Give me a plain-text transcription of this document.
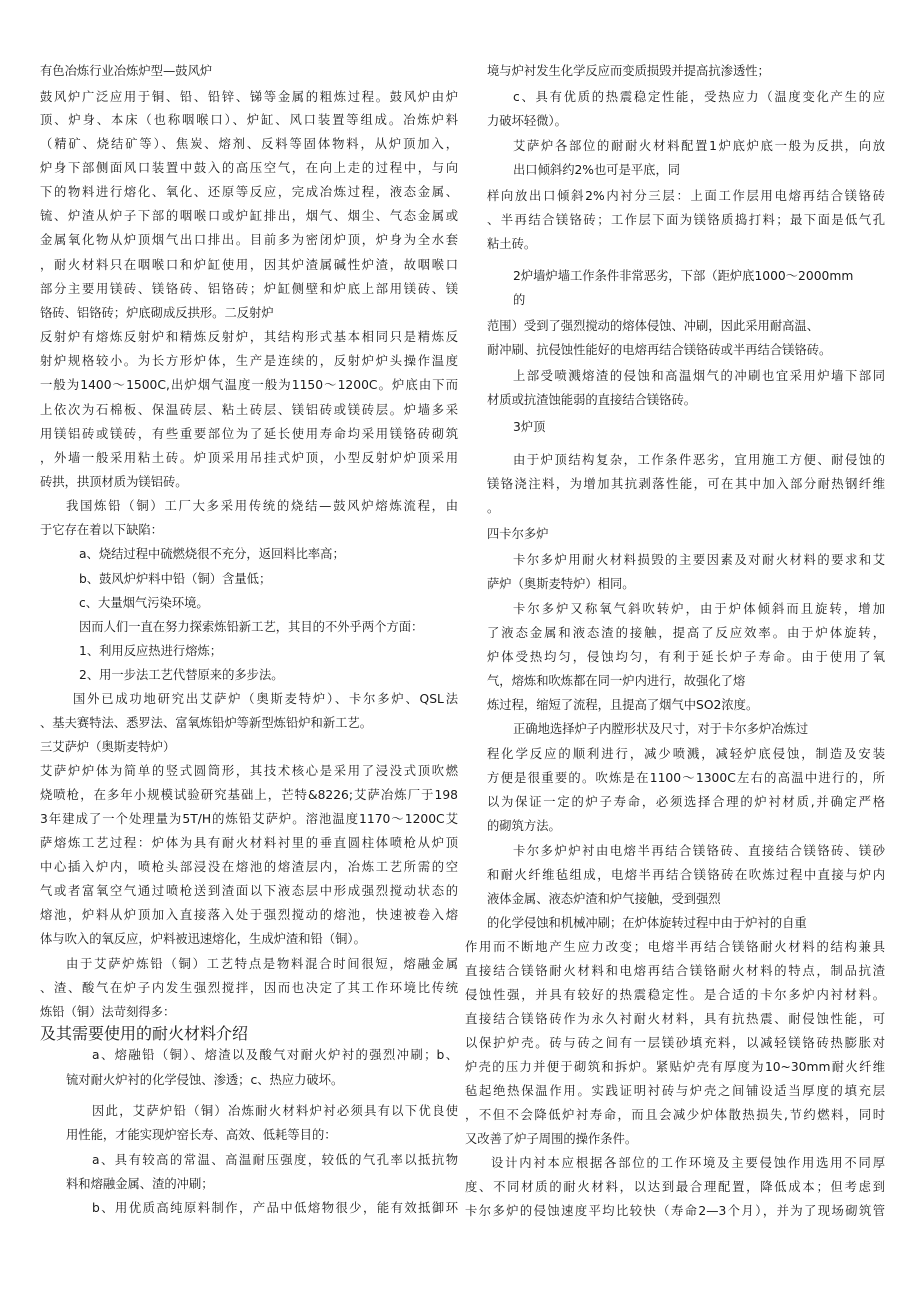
有色冶炼行业冶炼炉型—鼓风炉
鼓风炉广泛应用于铜、铅、铅锌、锑等金属的粗炼过程。鼓风炉由炉
顶、炉身、本床（也称咽喉口）、炉缸、风口装置等组成。冶炼炉料
（精矿、烧结矿等）、焦炭、熔剂、反料等固体物料，从炉顶加入，
炉身下部侧面风口装置中鼓入的高压空气，在向上走的过程中，与向
下的物料进行熔化、氧化、还原等反应，完成冶炼过程，液态金属、
锍、炉渣从炉子下部的咽喉口或炉缸排出，烟气、烟尘、气态金属或
金属氧化物从炉顶烟气出口排出。目前多为密闭炉顶，炉身为全水套
，耐火材料只在咽喉口和炉缸使用，因其炉渣属碱性炉渣，故咽喉口
部分主要用镁砖、镁铬砖、铝铬砖；炉缸侧壁和炉底上部用镁砖、镁
铬砖、铝铬砖；炉底砌成反拱形。二反射炉
反射炉有熔炼反射炉和精炼反射炉，其结构形式基本相同只是精炼反
射炉规格较小。为长方形炉体，生产是连续的，反射炉炉头操作温度
一般为1400〜1500C,出炉烟气温度一般为1150〜1200C。炉底由下而
上依次为石棉板、保温砖层、粘土砖层、镁铝砖或镁砖层。炉墙多采
用镁铝砖或镁砖，有些重要部位为了延长使用寿命均采用镁铬砖砌筑
，外墙一般采用粘土砖。炉顶采用吊挂式炉顶，小型反射炉炉顶采用
砖拱，拱顶材质为镁铝砖。
我国炼铅（铜）工厂大多采用传统的烧结—鼓风炉熔炼流程，由
于它存在着以下缺陷：
a、烧结过程中硫燃烧很不充分，返回料比率高；
b、鼓风炉炉料中铅（铜）含量低；
c、大量烟气污染环境。
因而人们一直在努力探索炼铅新工艺，其目的不外乎两个方面：
1、利用反应热进行熔炼；
2、用一步法工艺代替原来的多步法。
国外已成功地研究出艾萨炉（奥斯麦特炉）、卡尔多炉、QSL法
、基夫赛特法、悉罗法、富氧炼铅炉等新型炼铅炉和新工艺。
三艾萨炉（奥斯麦特炉）
艾萨炉炉体为简单的竖式圆筒形，其技术核心是采用了浸没式顶吹燃
烧喷枪，在多年小规模试验研究基础上，芒特&8226;艾萨冶炼厂于198
3年建成了一个处理量为5T/H的炼铅艾萨炉。溶池温度1170〜1200C艾
萨熔炼工艺过程：炉体为具有耐火材料衬里的垂直圆柱体喷枪从炉顶
中心插入炉内，喷枪头部浸没在熔池的熔渣层内，冶炼工艺所需的空
气或者富氧空气通过喷枪送到渣面以下液态层中形成强烈搅动状态的
熔池，炉料从炉顶加入直接落入处于强烈搅动的熔池，快速被卷入熔
体与吹入的氧反应，炉料被迅速熔化，生成炉渣和铅（铜）。
由于艾萨炉炼铅（铜）工艺特点是物料混合时间很短，熔融金属
、渣、酸气在炉子内发生强烈搅拌，因而也决定了其工作环境比传统
炼铅（铜）法苛刻得多：
及其需要使用的耐火材料介绍
a、熔融铅（铜）、熔渣以及酸气对耐火炉衬的强烈冲刷；b、
锍对耐火炉衬的化学侵蚀、渗透；c、热应力破坏。
因此，艾萨炉铅（铜）冶炼耐火材料炉衬必须具有以下优良使
用性能，才能实现炉窑长寿、高效、低耗等目的：
a、具有较高的常温、高温耐压强度，较低的气孔率以抵抗物
料和熔融金属、渣的冲刷；
b、用优质高纯原料制作，产品中低熔物很少，能有效抵御环
境与炉衬发生化学反应而变质损毁并提高抗渗透性；
c、具有优质的热震稳定性能，受热应力（温度变化产生的应
力破坏轻微）。
艾萨炉各部位的耐耐火材料配置1炉底炉底一般为反拱，向放
出口倾斜约2%也可是平底，同
样向放出口倾斜2%内衬分三层：上面工作层用电熔再结合镁铬砖
、半再结合镁铬砖；工作层下面为镁铬质捣打料；最下面是低气孔
粘土砖。
2炉墙炉墙工作条件非常恶劣，下部（距炉底1000〜2000mm
的
范围）受到了强烈搅动的熔体侵蚀、冲刷，因此采用耐高温、
耐冲刷、抗侵蚀性能好的电熔再结合镁铬砖或半再结合镁铬砖。
上部受喷溅熔渣的侵蚀和高温烟气的冲刷也宜采用炉墙下部同
材质或抗渣蚀能弱的直接结合镁铬砖。
3炉顶
由于炉顶结构复杂，工作条件恶劣，宜用施工方便、耐侵蚀的
镁铬浇注料，为增加其抗剥落性能，可在其中加入部分耐热钢纤维
。
四卡尔多炉
卡尔多炉用耐火材料损毁的主要因素及对耐火材料的要求和艾
萨炉（奥斯麦特炉）相同。
卡尔多炉又称氧气斜吹转炉，由于炉体倾斜而且旋转，增加
了液态金属和液态渣的接触，提高了反应效率。由于炉体旋转，
炉体受热均匀，侵蚀均匀，有利于延长炉子寿命。由于使用了氧
气，熔炼和吹炼都在同一炉内进行，故强化了熔
炼过程，缩短了流程，且提高了烟气中SO2浓度。
正确地选择炉子内膛形状及尺寸，对于卡尔多炉冶炼过
程化学反应的顺利进行，减少喷溅，减轻炉底侵蚀，制造及安装
方便是很重要的。吹炼是在1100〜1300C左右的高温中进行的，所
以为保证一定的炉子寿命，必须选择合理的炉衬材质,并确定严格
的砌筑方法。
卡尔多炉炉衬由电熔半再结合镁铬砖、直接结合镁铬砖、镁砂
和耐火纤维毡组成，电熔半再结合镁铬砖在吹炼过程中直接与炉内
液体金属、液态炉渣和炉气接触，受到强烈
的化学侵蚀和机械冲刷；在炉体旋转过程中由于炉衬的自重
作用而不断地产生应力改变；电熔半再结合镁铬耐火材料的结构兼具
直接结合镁铬耐火材料和电熔再结合镁铬耐火材料的特点，制品抗渣
侵蚀性强，并具有较好的热震稳定性。是合适的卡尔多炉内衬材料。
直接结合镁铬砖作为永久衬耐火材料，具有抗热震、耐侵蚀性能，可
以保护炉壳。砖与砖之间有一层镁砂填充料，以减轻镁铬砖热膨胀对
炉壳的压力并便于砌筑和拆炉。紧贴炉壳有厚度为10~30mm耐火纤维
毡起绝热保温作用。实践证明衬砖与炉壳之间铺设适当厚度的填充层
，不但不会降低炉衬寿命，而且会减少炉体散热损失,节约燃料，同时
又改善了炉子周围的操作条件。
设计内衬本应根据各部位的工作环境及主要侵蚀作用选用不同厚
度、不同材质的耐火材料，以达到最合理配置，降低成本；但考虑到
卡尔多炉的侵蚀速度平均比较快（寿命2—3个月），并为了现场砌筑管
